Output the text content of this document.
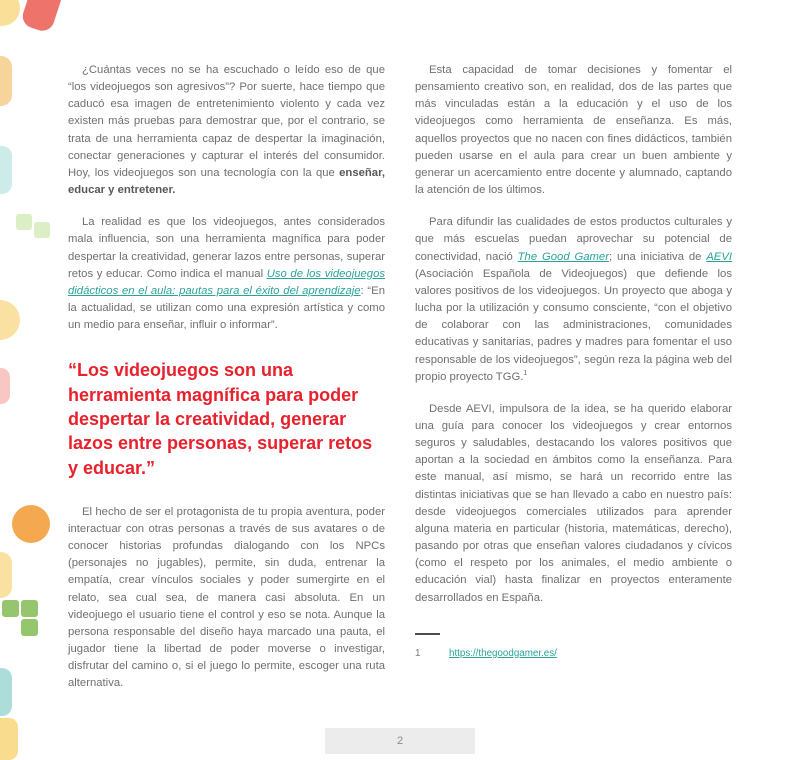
¿Cuántas veces no se ha escuchado o leído eso de que “los videojuegos son agresivos”? Por suerte, hace tiempo que caducó esa imagen de entretenimiento violento y cada vez existen más pruebas para demostrar que, por el contrario, se trata de una herramienta capaz de despertar la imaginación, conectar generaciones y capturar el interés del consumidor. Hoy, los videojuegos son una tecnología con la que enseñar, educar y entretener.

La realidad es que los videojuegos, antes considerados mala influencia, son una herramienta magnífica para poder despertar la creatividad, generar lazos entre personas, superar retos y educar. Como indica el manual Uso de los videojuegos didácticos en el aula: pautas para el éxito del aprendizaje: “En la actualidad, se utilizan como una expresión artística y como un medio para enseñar, influir o informar”.

“Los videojuegos son una herramienta magnífica para poder despertar la creatividad, generar lazos entre personas, superar retos y educar.”

El hecho de ser el protagonista de tu propia aventura, poder interactuar con otras personas a través de sus avatares o de conocer historias profundas dialogando con los NPCs (personajes no jugables), permite, sin duda, entrenar la empatía, crear vínculos sociales y poder sumergirte en el relato, sea cual sea, de manera casi absoluta. En un videojuego el usuario tiene el control y eso se nota. Aunque la persona responsable del diseño haya marcado una pauta, el jugador tiene la libertad de poder moverse o investigar, disfrutar del camino o, si el juego lo permite, escoger una ruta alternativa.

Esta capacidad de tomar decisiones y fomentar el pensamiento creativo son, en realidad, dos de las partes que más vinculadas están a la educación y el uso de los videojuegos como herramienta de enseñanza. Es más, aquellos proyectos que no nacen con fines didácticos, también pueden usarse en el aula para crear un buen ambiente y generar un acercamiento entre docente y alumnado, captando la atención de los últimos.

Para difundir las cualidades de estos productos culturales y que más escuelas puedan aprovechar su potencial de conectividad, nació The Good Gamer; una iniciativa de AEVI (Asociación Española de Videojuegos) que defiende los valores positivos de los videojuegos. Un proyecto que aboga y lucha por la utilización y consumo consciente, “con el objetivo de colaborar con las administraciones, comunidades educativas y sanitarias, padres y madres para fomentar el uso responsable de los videojuegos”, según reza la página web del propio proyecto TGG.$^1$

Desde AEVI, impulsora de la idea, se ha querido elaborar una guía para conocer los videojuegos y crear entornos seguros y saludables, destacando los valores positivos que aportan a la sociedad en ámbitos como la enseñanza. Para este manual, así mismo, se hará un recorrido entre las distintas iniciativas que se han llevado a cabo en nuestro país: desde videojuegos comerciales utilizados para aprender alguna materia en particular (historia, matemáticas, derecho), pasando por otras que enseñan valores ciudadanos y cívicos (como el respeto por los animales, el medio ambiente o educación vial) hasta finalizar en proyectos enteramente desarrollados en España.

1	https://thegoodgamer.es/
2
